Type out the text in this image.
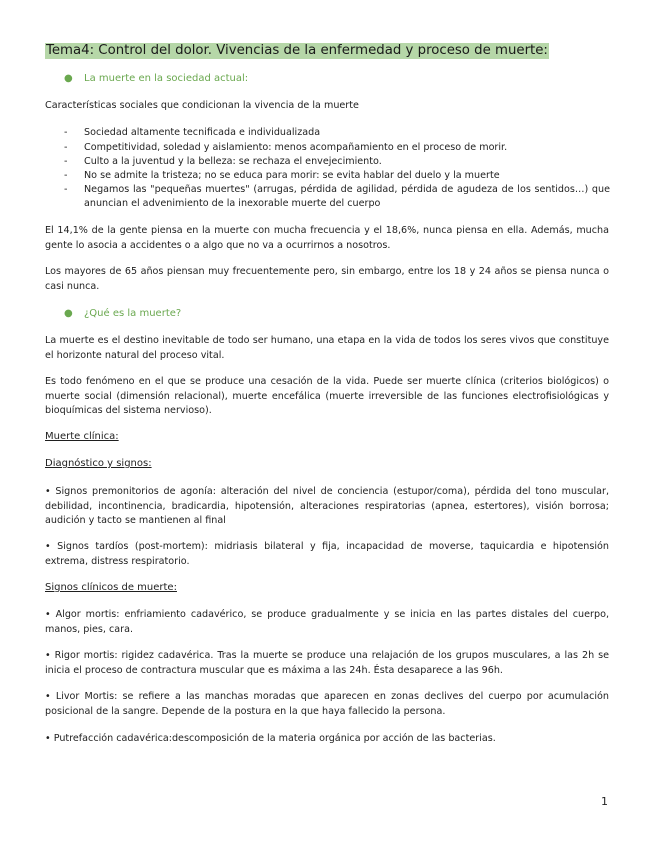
Tema4: Control del dolor. Vivencias de la enfermedad y proceso de muerte:
● La muerte en la sociedad actual:

Características sociales que condicionan la vivencia de la muerte

- Sociedad altamente tecnificada e individualizada

- Competitividad, soledad y aislamiento: menos acompañamiento en el proceso de morir.

- Culto a la juventud y la belleza: se rechaza el envejecimiento.

- No se admite la tristeza; no se educa para morir: se evita hablar del duelo y la muerte

- Negamos las "pequeñas muertes" (arrugas, pérdida de agilidad, pérdida de agudeza de los sentidos…) que anuncian el advenimiento de la inexorable muerte del cuerpo

El 14,1% de la gente piensa en la muerte con mucha frecuencia y el 18,6%, nunca piensa en ella. Además, mucha gente lo asocia a accidentes o a algo que no va a ocurrirnos a nosotros.

Los mayores de 65 años piensan muy frecuentemente pero, sin embargo, entre los 18 y 24 años se piensa nunca o casi nunca.

● ¿Qué es la muerte?

La muerte es el destino inevitable de todo ser humano, una etapa en la vida de todos los seres vivos que constituye el horizonte natural del proceso vital.

Es todo fenómeno en el que se produce una cesación de la vida. Puede ser muerte clínica (criterios biológicos) o muerte social (dimensión relacional), muerte encefálica (muerte irreversible de las funciones electrofisiológicas y bioquímicas del sistema nervioso).

Muerte clínica:

Diagnóstico y signos:

• Signos premonitorios de agonía: alteración del nivel de conciencia (estupor/coma), pérdida del tono muscular, debilidad, incontinencia, bradicardia, hipotensión, alteraciones respiratorias (apnea, estertores), visión borrosa; audición y tacto se mantienen al final

• Signos tardíos (post-mortem): midriasis bilateral y fija, incapacidad de moverse, taquicardia e hipotensión extrema, distress respiratorio.

Signos clínicos de muerte:

• Algor mortis: enfriamiento cadavérico, se produce gradualmente y se inicia en las partes distales del cuerpo, manos, pies, cara.

• Rigor mortis: rigidez cadavérica. Tras la muerte se produce una relajación de los grupos musculares, a las 2h se inicia el proceso de contractura muscular que es máxima a las 24h. Ésta desaparece a las 96h.

• Livor Mortis: se refiere a las manchas moradas que aparecen en zonas declives del cuerpo por acumulación posicional de la sangre. Depende de la postura en la que haya fallecido la persona.

• Putrefacción cadavérica:descomposición de la materia orgánica por acción de las bacterias.

1
